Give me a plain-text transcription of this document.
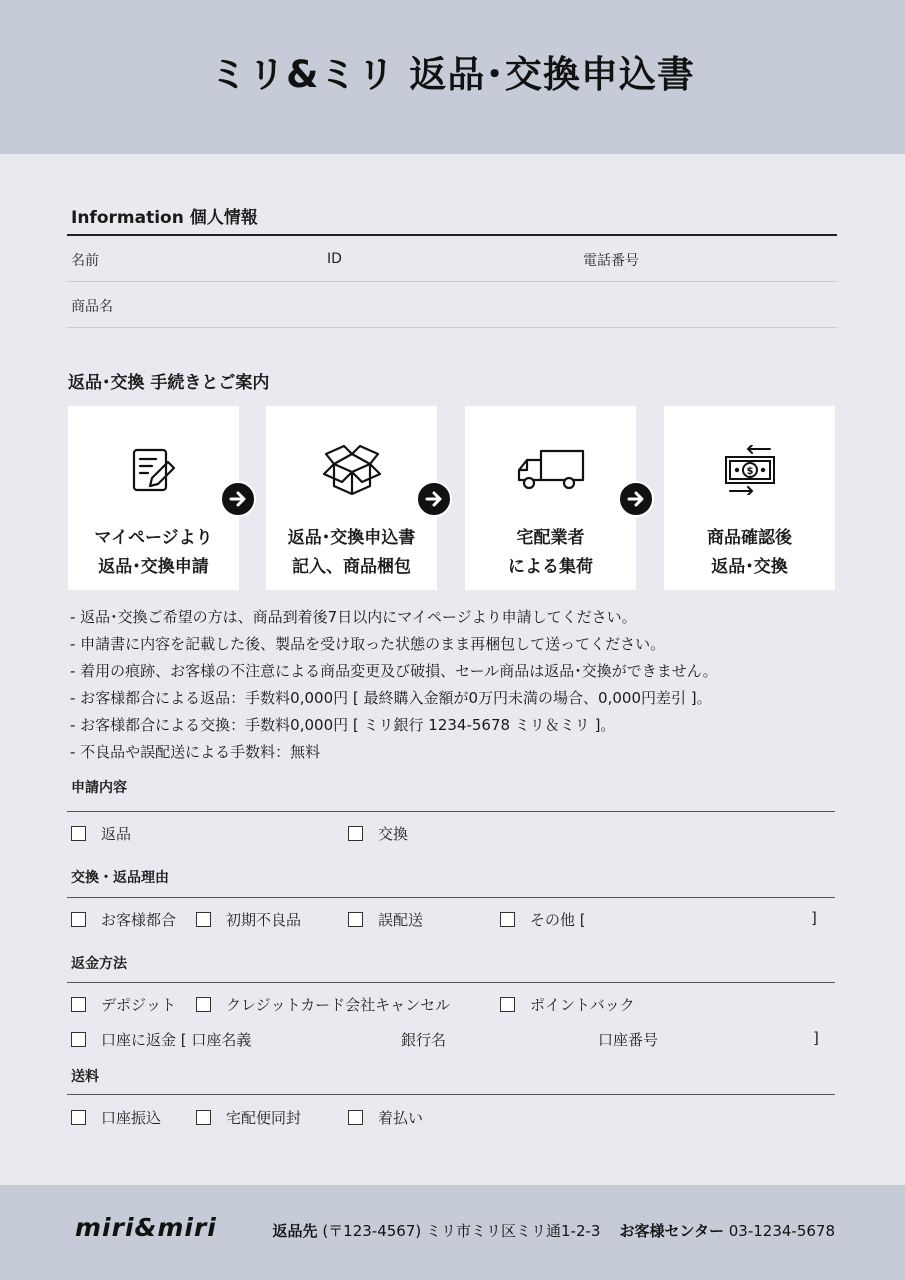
ミリ&ミリ 返品･交換申込書
Information 個人情報
名前	ID	電話番号
商品名
返品･交換 手続きとご案内
マイページより
返品･交換申請
返品･交換申込書
記入、商品梱包
宅配業者
による集荷
$
商品確認後
返品･交換
- 返品･交換ご希望の方は、商品到着後7日以内にマイページより申請してください。
- 申請書に内容を記載した後、製品を受け取った状態のまま再梱包して送ってください。
- 着用の痕跡、お客様の不注意による商品変更及び破損、セール商品は返品･交換ができません。
- お客様都合による返品：手数料0,000円 [ 最終購入金額が0万円未満の場合、0,000円差引 ]。
- お客様都合による交換：手数料0,000円 [ ミリ銀行 1234-5678 ミリ＆ミリ ]。
- 不良品や誤配送による手数料：無料
申請内容
返品	交換
交換・返品理由
お客様都合	初期不良品	誤配送	その他 [	]
返金方法
デポジット	クレジットカード会社キャンセル	ポイントバック
口座に返金 [ 口座名義	銀行名	口座番号	]
送料
口座振込	宅配便同封	着払い
miri&miri	返品先 (〒123-4567) ミリ市ミリ区ミリ通1-2-3 お客様センター 03-1234-5678
